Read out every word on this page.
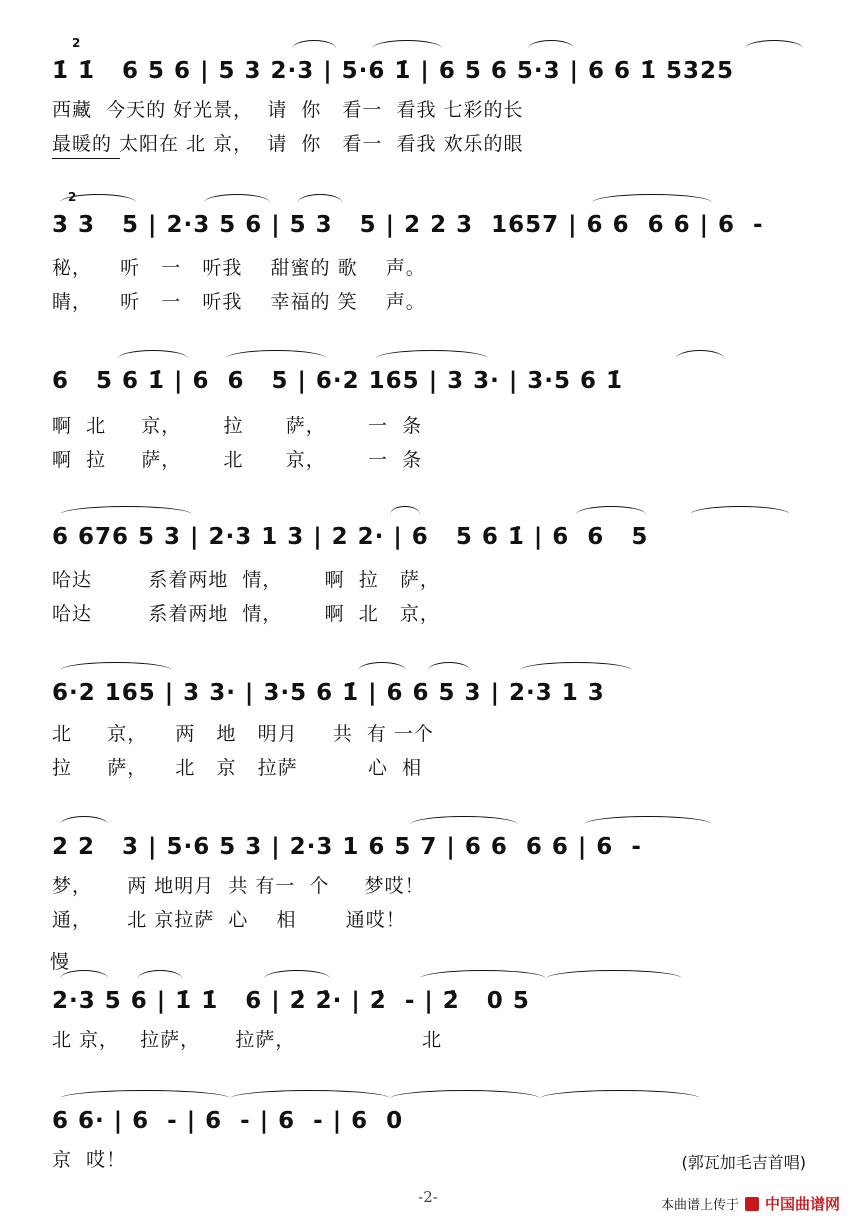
1̇ 1̇   6 5 6 | 5 3 2·3 | 5·6 1̇ | 6 5 6 5·3 | 6 6 1̇ 5325
2
西藏  今天的 好光景，  请  你   看一  看我 七彩的长
最暖的 太阳在 北 京，  请  你   看一  看我 欢乐的眼
3 3   5 | 2·3 5 6 | 5 3   5 | 2 2 3  1657 | 6 6  6 6 | 6  -
2
秘，    听   一   听我    甜蜜的 歌    声。
睛，    听   一   听我    幸福的 笑    声。
6   5 6 1̇ | 6  6   5 | 6·2 165 | 3 3· | 3·5 6 1̇
啊  北     京，      拉      萨，      一  条
啊  拉     萨，      北      京，      一  条
6 676 5 3 | 2·3 1 3 | 2 2· | 6   5 6 1̇ | 6  6   5
哈达        系着两地  情，      啊  拉   萨，
哈达        系着两地  情，      啊  北   京，
6·2 165 | 3 3· | 3·5 6 1̇ | 6 6 5 3 | 2·3 1 3
北     京，    两   地   明月     共  有 一个
拉     萨，    北   京   拉萨          心  相
2 2   3 | 5·6 5 3 | 2·3 1 6 5 7 | 6 6  6 6 | 6  -
梦，     两 地明月  共 有一  个     梦哎！
通，     北 京拉萨  心    相       通哎！
慢
2·3 5 6 | 1̇ 1̇   6 | 2̇ 2̇· | 2̇  - | 2̇   0 5
北 京，   拉萨，     拉萨，                  北
6 6· | 6  - | 6  - | 6  - | 6  0
京  哎！	(郭瓦加毛吉首唱)
-2-	本曲谱上传于 中国曲谱网
